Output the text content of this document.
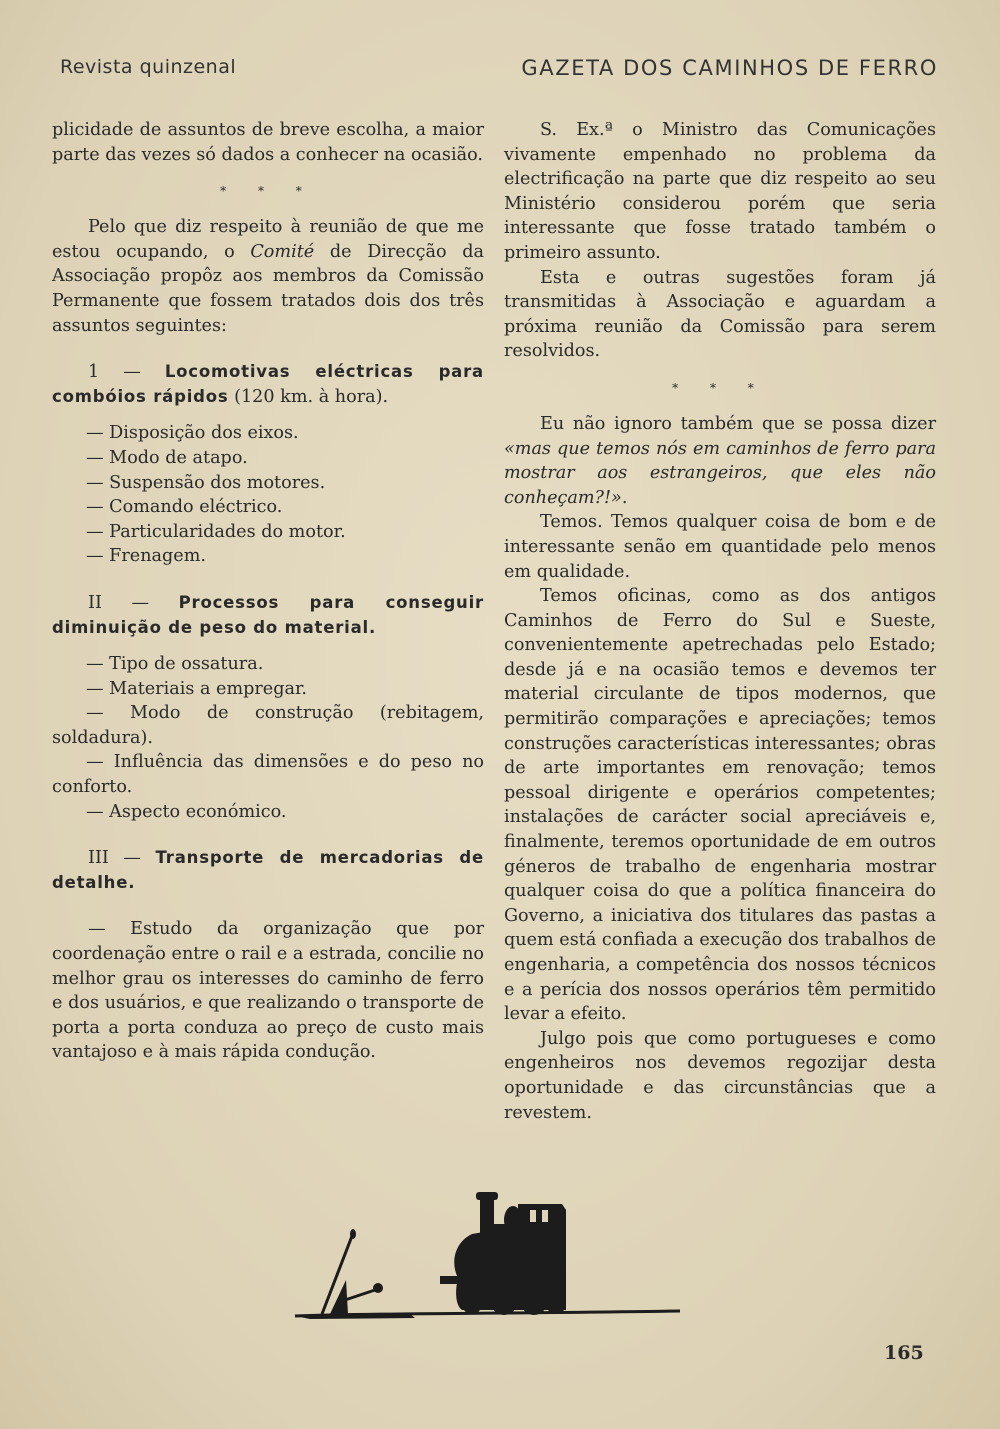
Revista quinzenal	GAZETA DOS CAMINHOS DE FERRO

plicidade de assuntos de breve escolha, a maior parte das vezes só dados a conhecer na ocasião.

* * *

Pelo que diz respeito à reunião de que me estou ocupando, o Comité de Direcção da Associação propôz aos membros da Comissão Permanente que fossem tratados dois dos três assuntos seguintes:

1 — Locomotivas eléctricas para combóios rápidos (120 km. à hora).

— Disposição dos eixos.

— Modo de atapo.

— Suspensão dos motores.

— Comando eléctrico.

— Particularidades do motor.

— Frenagem.

II — Processos para conseguir diminuição de peso do material.

— Tipo de ossatura.

— Materiais a empregar.

— Modo de construção (rebitagem, soldadura).

— Influência das dimensões e do peso no conforto.

— Aspecto económico.

III — Transporte de mercadorias de detalhe.

— Estudo da organização que por coordenação entre o rail e a estrada, concilie no melhor grau os interesses do caminho de ferro e dos usuários, e que realizando o transporte de porta a porta conduza ao preço de custo mais vantajoso e à mais rápida condução.

S. Ex.ª o Ministro das Comunicações vivamente empenhado no problema da electrificação na parte que diz respeito ao seu Ministério considerou porém que seria interessante que fosse tratado também o primeiro assunto.

Esta e outras sugestões foram já transmitidas à Associação e aguardam a próxima reunião da Comissão para serem resolvidos.

* * *

Eu não ignoro também que se possa dizer «mas que temos nós em caminhos de ferro para mostrar aos estrangeiros, que eles não conheçam?!».

Temos. Temos qualquer coisa de bom e de interessante senão em quantidade pelo menos em qualidade.

Temos oficinas, como as dos antigos Caminhos de Ferro do Sul e Sueste, convenientemente apetrechadas pelo Estado; desde já e na ocasião temos e devemos ter material circulante de tipos modernos, que permitirão comparações e apreciações; temos construções características interessantes; obras de arte importantes em renovação; temos pessoal dirigente e operários competentes; instalações de carácter social apreciáveis e, finalmente, teremos oportunidade de em outros géneros de trabalho de engenharia mostrar qualquer coisa do que a política financeira do Governo, a iniciativa dos titulares das pastas a quem está confiada a execução dos trabalhos de engenharia, a competência dos nossos técnicos e a perícia dos nossos operários têm permitido levar a efeito.

Julgo pois que como portugueses e como engenheiros nos devemos regozijar desta oportunidade e das circunstâncias que a revestem.

165
